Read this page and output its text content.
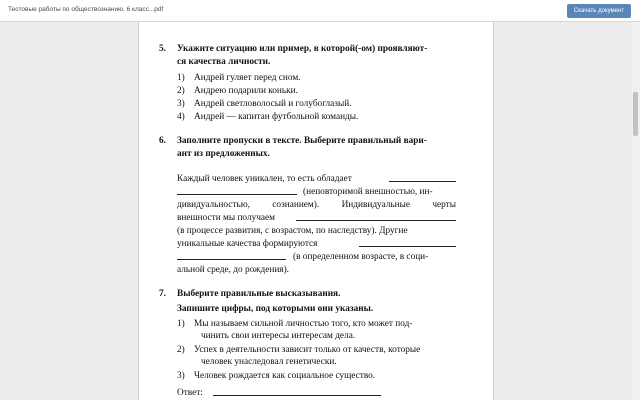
Тестовые работы по обществознанию. 6 класс...pdf	Скачать документ
5. Укажите ситуацию или пример, в которой(-ом) проявляют-
ся качества личности.
1) Андрей гуляет перед сном.
2) Андрею подарили коньки.
3) Андрей светловолосый и голубоглазый.
4) Андрей — капитан футбольной команды.
6. Заполните пропуски в тексте. Выберите правильный вари-
ант из предложенных.
Каждый человек уникален, то есть обладает
(неповторимой внешностью, ин-
дивидуальностью, сознанием). Индивидуальные черты
внешности мы получаем
(в процессе развития, с возрастом, по наследству). Другие
уникальные качества формируются
(в определенном возрасте, в соци-
альной среде, до рождения).
7. Выберите правильные высказывания.
Запишите цифры, под которыми они указаны.
1) Мы называем сильной личностью того, кто может под-
чинить свои интересы интересам дела.
2) Успех в деятельности зависит только от качеств, которые
человек унаследовал генетически.
3) Человек рождается как социальное существо.
Ответ:
